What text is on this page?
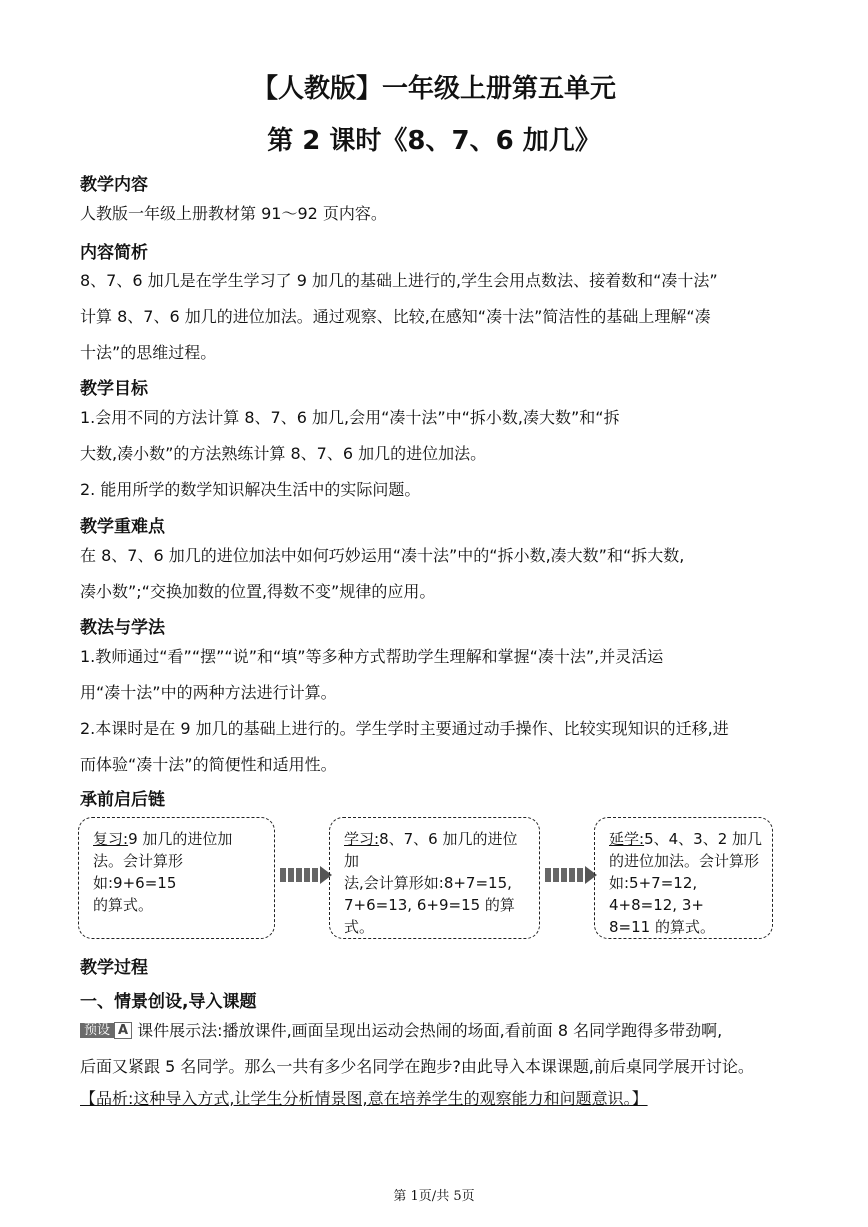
【人教版】一年级上册第五单元
第 2 课时《8、7、6 加几》
教学内容
人教版一年级上册教材第 91～92 页内容。
内容简析
8、7、6 加几是在学生学习了 9 加几的基础上进行的,学生会用点数法、接着数和“凑十法”
计算 8、7、6 加几的进位加法。通过观察、比较,在感知“凑十法”简洁性的基础上理解“凑
十法”的思维过程。
教学目标
1.会用不同的方法计算 8、7、6 加几,会用“凑十法”中“拆小数,凑大数”和“拆
大数,凑小数”的方法熟练计算 8、7、6 加几的进位加法。
2. 能用所学的数学知识解决生活中的实际问题。
教学重难点
在 8、7、6 加几的进位加法中如何巧妙运用“凑十法”中的“拆小数,凑大数”和“拆大数,
凑小数”;“交换加数的位置,得数不变”规律的应用。
教法与学法
1.教师通过“看”“摆”“说”和“填”等多种方式帮助学生理解和掌握“凑十法”,并灵活运
用“凑十法”中的两种方法进行计算。
2.本课时是在 9 加几的基础上进行的。学生学时主要通过动手操作、比较实现知识的迁移,进
而体验“凑十法”的简便性和适用性。
承前启后链
复习:9 加几的进位加
法。会计算形如:9+6=15
的算式。
学习:8、7、6 加几的进位加
法,会计算形如:8+7=15,
7+6=13, 6+9=15 的算式。
延学:5、4、3、2 加几
的进位加法。会计算形
如:5+7=12, 4+8=12, 3+
8=11 的算式。
教学过程
一、情景创设,导入课题
预设 A 课件展示法:播放课件,画面呈现出运动会热闹的场面,看前面 8 名同学跑得多带劲啊,
后面又紧跟 5 名同学。那么一共有多少名同学在跑步?由此导入本课课题,前后桌同学展开讨论。
【品析:这种导入方式,让学生分析情景图,意在培养学生的观察能力和问题意识。】
第 1页/共 5页
